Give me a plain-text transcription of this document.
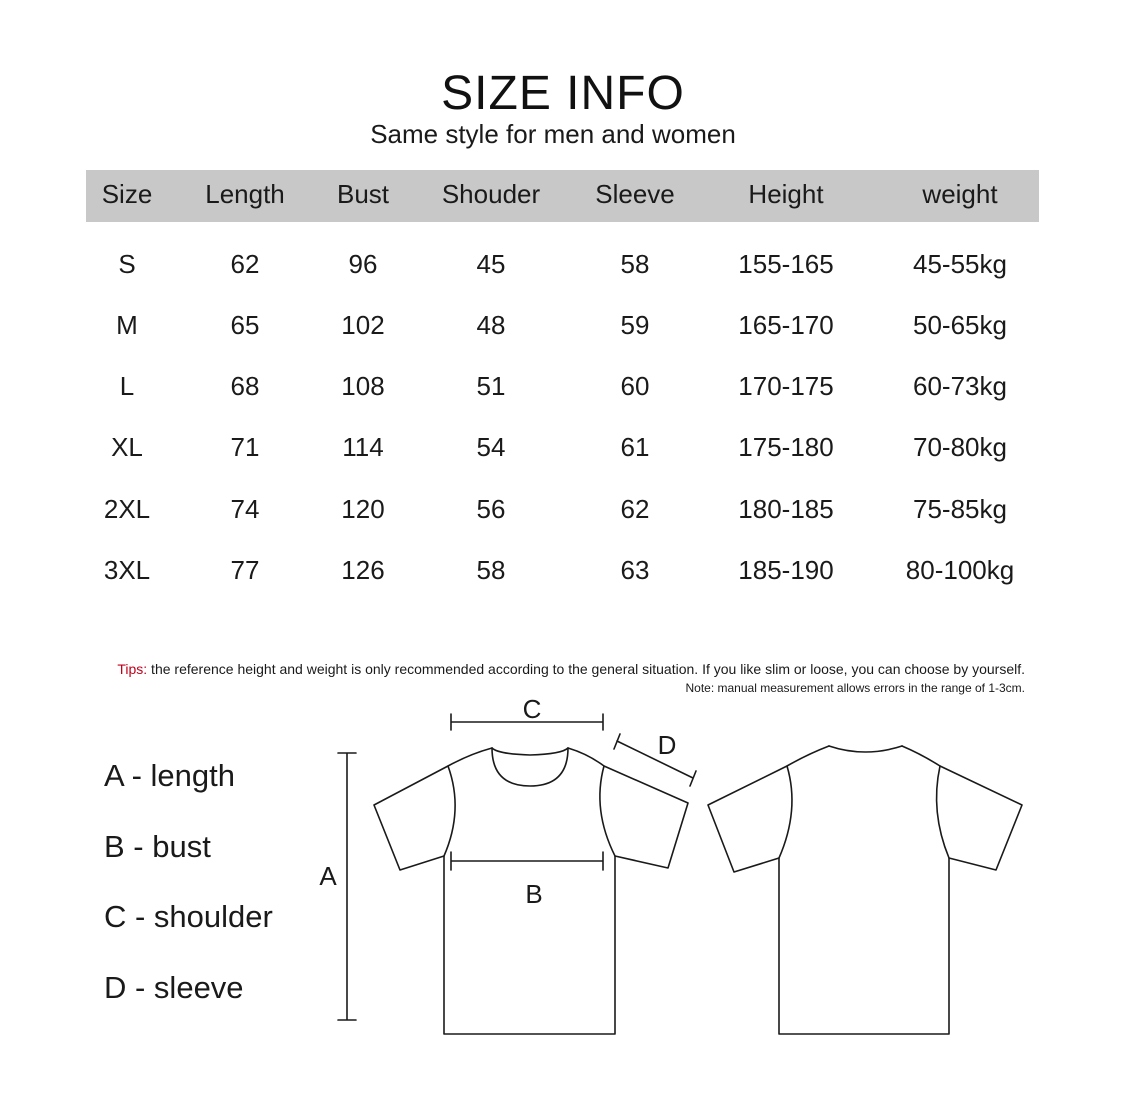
SIZE INFO
Same style for men and women
Size	Length	Bust	Shouder	Sleeve	Height	weight
S	62	96	45	58	155-165	45-55kg
M	65	102	48	59	165-170	50-65kg
L	68	108	51	60	170-175	60-73kg
XL	71	114	54	61	175-180	70-80kg
2XL	74	120	56	62	180-185	75-85kg
3XL	77	126	58	63	185-190	80-100kg
Tips: the reference height and weight is only recommended according to the general situation. If you like slim or loose, you can choose by yourself.
Note: manual measurement allows errors in the range of 1-3cm.
A - length
B - bust
C - shoulder
D - sleeve
A
B
C
D
